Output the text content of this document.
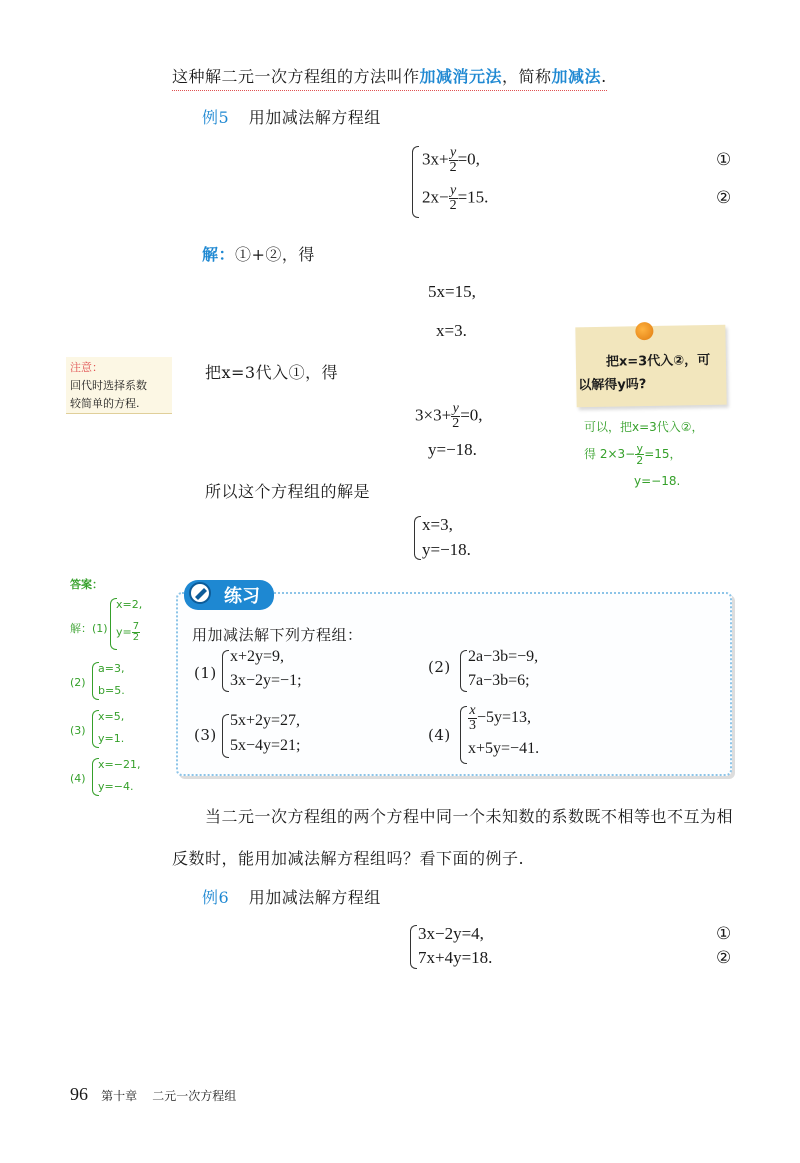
这种解二元一次方程组的方法叫作加减消元法，简称加减法.
例5 用加减法解方程组
$3x+ \frac{y}{2} =0$,	①
$2x- \frac{y}{2} =15$.	②
解：①+②，得
5x=15,
x=3.
把x=3代入①，得
$3\times 3+ \frac{y}{2} =0$,
y=−18.
所以这个方程组的解是
x=3,
y=−18.
注意：
回代时选择系数
较简单的方程.
把x=3代入②，可
以解得y吗?
可以，把x=3代入②，
得 $2\times 3- \frac{y}{2} =15$，
y=−18.
答案：
解：(1)
x=2,
$y= \frac{7}{2}$
(2)
a=3,
b=5.
(3)
x=5,
y=1.
(4)
x=−21,
y=−4.
练习
用加减法解下列方程组：
(1)
x+2y=9,
3x−2y=−1;
(2)
2a−3b=−9,
7a−3b=6;
(3)
5x+2y=27,
5x−4y=21;
(4)
$\frac{x}{3} -5y=13$,
x+5y=−41.
当二元一次方程组的两个方程中同一个未知数的系数既不相等也不互为相
反数时，能用加减法解方程组吗？看下面的例子.
例6 用加减法解方程组
3x−2y=4,	①
7x+4y=18.	②
96 第十章 二元一次方程组
